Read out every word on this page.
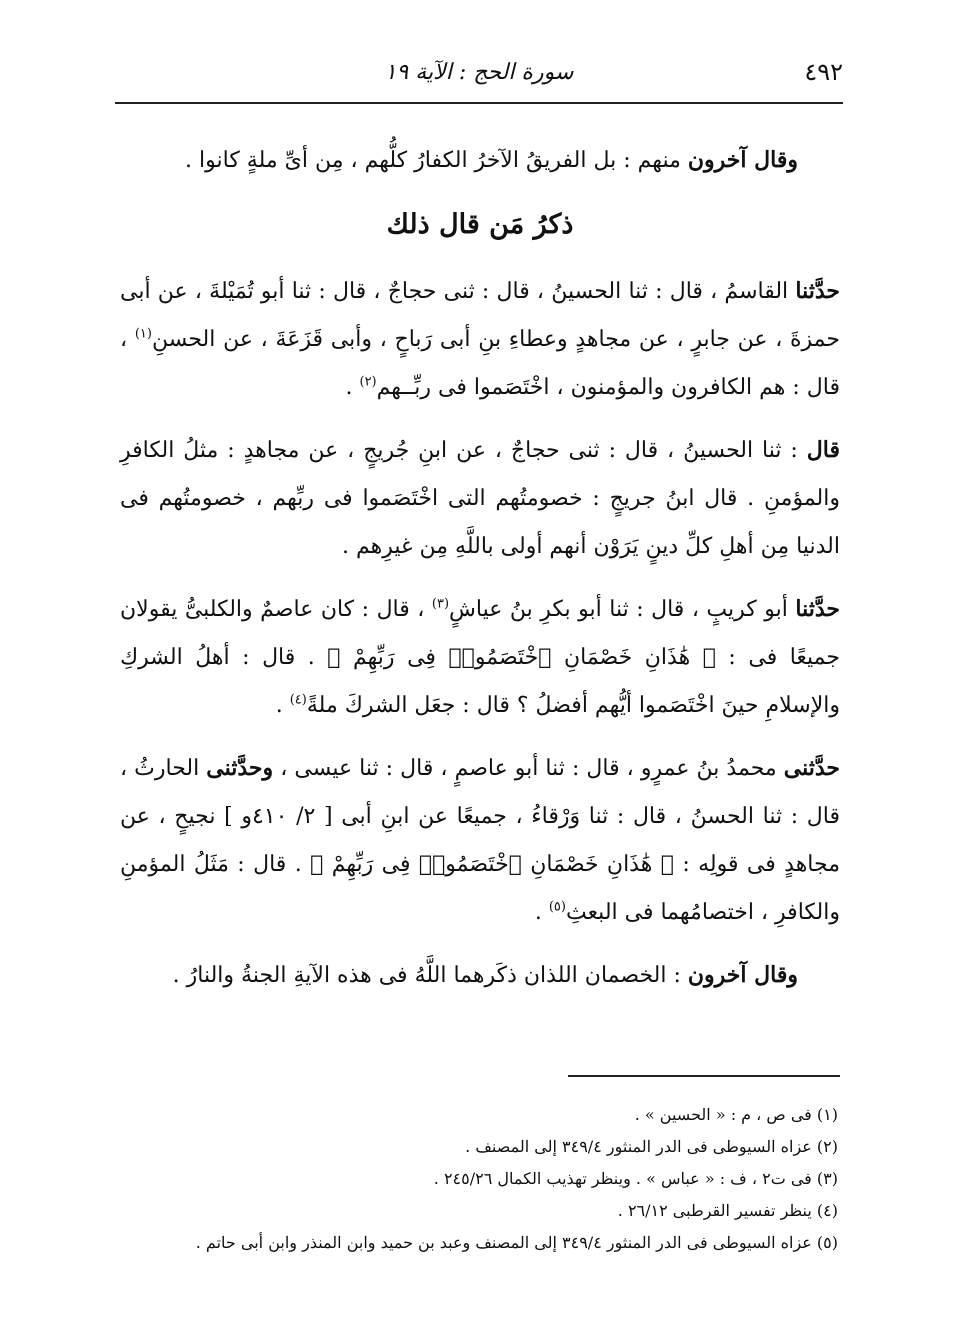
٤٩٢
سورة الحج : الآية ١٩

وقال آخرون منهم : بل الفريقُ الآخرُ الكفارُ كلُّهم ، مِن أىِّ ملةٍ كانوا .

ذكرُ مَن قال ذلك

حدَّثنا القاسمُ ، قال : ثنا الحسينُ ، قال : ثنى حجاجٌ ، قال : ثنا أبو تُمَيْلةَ ، عن أبى حمزةَ ، عن جابرٍ ، عن مجاهدٍ وعطاءِ بنِ أبى رَباحٍ ، وأبى قَزَعَةَ ، عن الحسنِ$^{(١)}$ ، قال : هم الكافرون والمؤمنون ، اخْتَصَموا فى ربِّــهم$^{(٢)}$ .

قال : ثنا الحسينُ ، قال : ثنى حجاجٌ ، عن ابنِ جُريجٍ ، عن مجاهدٍ : مثلُ الكافرِ والمؤمنِ . قال ابنُ جريجٍ : خصومتُهم التى اخْتَصَموا فى ربِّهم ، خصومتُهم فى الدنيا مِن أهلِ كلِّ دينٍ يَرَوْن أنهم أولى باللَّهِ مِن غيرِهم .

حدَّثنا أبو كريبٍ ، قال : ثنا أبو بكرِ بنُ عياشٍ$^{(٣)}$ ، قال : كان عاصمٌ والكلبىُّ يقولان جميعًا فى : ﴿ هَٰذَانِ خَصْمَانِ ٱخْتَصَمُوا۟ فِى رَبِّهِمْ ﴾ . قال : أهلُ الشركِ والإسلامِ حينَ اخْتَصَموا أيُّهم أفضلُ ؟ قال : جعَل الشركَ ملةً$^{(٤)}$ .

حدَّثنى محمدُ بنُ عمرٍو ، قال : ثنا أبو عاصمٍ ، قال : ثنا عيسى ، وحدَّثنى الحارثُ ، قال : ثنا الحسنُ ، قال : ثنا وَرْقاءُ ، جميعًا عن ابنِ أبى [ ٢/ ٤١٠و ] نجيحٍ ، عن مجاهدٍ فى قولِه : ﴿ هَٰذَانِ خَصْمَانِ ٱخْتَصَمُوا۟ فِى رَبِّهِمْ ﴾ . قال : مَثَلُ المؤمنِ والكافرِ ، اختصامُهما فى البعثِ$^{(٥)}$ .

وقال آخرون : الخصمان اللذان ذكَرهما اللَّهُ فى هذه الآيةِ الجنةُ والنارُ .

(١) فى ص ، م : « الحسين » .

(٢) عزاه السيوطى فى الدر المنثور ٣٤٩/٤ إلى المصنف .

(٣) فى ت٢ ، ف : « عباس » . وينظر تهذيب الكمال ٢٤٥/٢٦ .

(٤) ينظر تفسير القرطبى ٢٦/١٢ .

(٥) عزاه السيوطى فى الدر المنثور ٣٤٩/٤ إلى المصنف وعبد بن حميد وابن المنذر وابن أبى حاتم .
